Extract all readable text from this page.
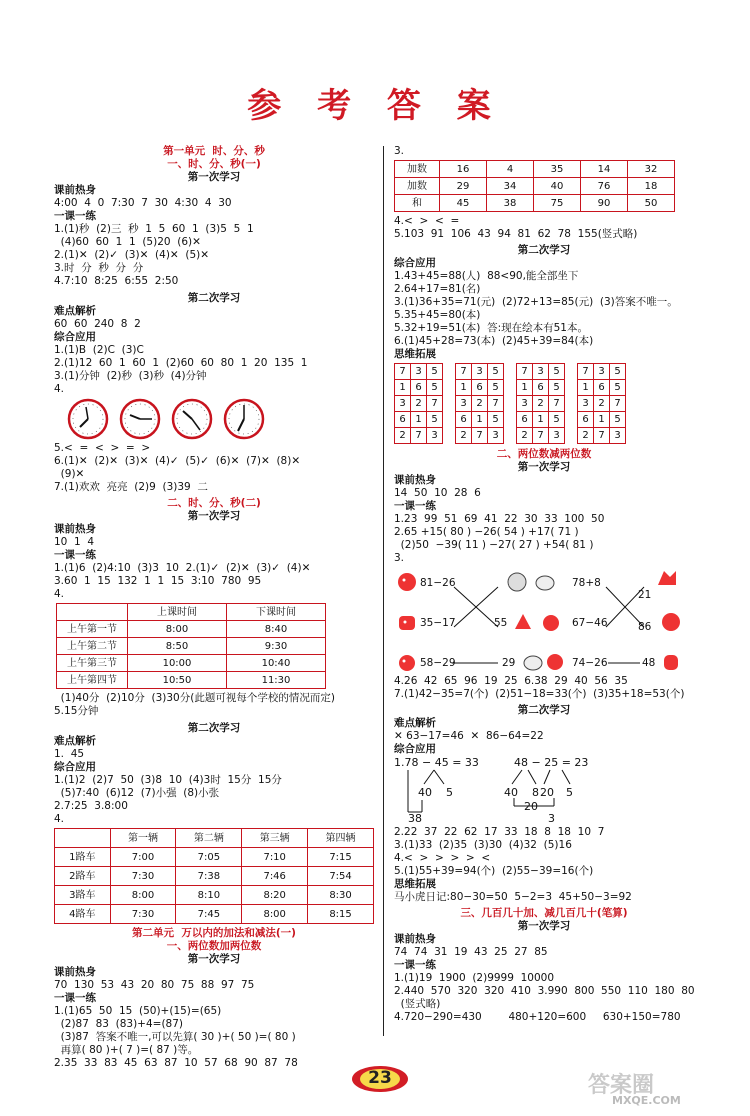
参 考 答 案
第一单元  时、分、秒
一、时、分、秒(一)
第一次学习
课前热身
4:00  4  0  7:30  7  30  4:30  4  30
一课一练
1.(1)秒  (2)三  秒  1  5  60  1  (3)5  5  1
(4)60  60  1  1  (5)20  (6)✕
2.(1)✕  (2)✓  (3)✕  (4)✕  (5)✕
3.时  分  秒  分  分
4.7:10  8:25  6:55  2:50
第二次学习
难点解析
60  60  240  8  2
综合应用
1.(1)B  (2)C  (3)C
2.(1)12  60  1  60  1  (2)60  60  80  1  20  135  1
3.(1)分钟  (2)秒  (3)秒  (4)分钟
4.
5.<  =  <  >  =  >
6.(1)✕  (2)✕  (3)✕  (4)✓  (5)✓  (6)✕  (7)✕  (8)✕
(9)✕
7.(1)欢欢  亮亮  (2)9  (3)39  二
二、时、分、秒(二)
第一次学习
课前热身
10  1  4
一课一练
1.(1)6  (2)4:10  (3)3  10  2.(1)✓  (2)✕  (3)✓  (4)✕
3.60  1  15  132  1  1  15  3:10  780  95
4.
	上课时间	下课时间
上午第一节	8:00	8:40
上午第二节	8:50	9:30
上午第三节	10:00	10:40
上午第四节	10:50	11:30
(1)40分  (2)10分  (3)30分(此题可视每个学校的情况而定)
5.15分钟
第二次学习
难点解析
1.  45
综合应用
1.(1)2  (2)7  50  (3)8  10  (4)3时  15分  15分
(5)7:40  (6)12  (7)小强  (8)小张
2.7:25  3.8:00
4.
	第一辆	第二辆	第三辆	第四辆
1路车	7:00	7:05	7:10	7:15
2路车	7:30	7:38	7:46	7:54
3路车	8:00	8:10	8:20	8:30
4路车	7:30	7:45	8:00	8:15
第二单元  万以内的加法和减法(一)
一、两位数加两位数
第一次学习
课前热身
70  130  53  43  20  80  75  88  97  75
一课一练
1.(1)65  50  15  (50)+(15)=(65)
(2)87  83  (83)+4=(87)
(3)87  答案不唯一,可以先算( 30 )+( 50 )=( 80 )
再算( 80 )+( 7 )=( 87 )等。
2.35  33  83  45  63  87  10  57  68  90  87  78
3.
加数	16	4	35	14	32
加数	29	34	40	76	18
和	45	38	75	90	50
4.<  >  <  =
5.103  91  106  43  94  81  62  78  155(竖式略)
第二次学习
综合应用
1.43+45=88(人)  88<90,能全部坐下
2.64+17=81(名)
3.(1)36+35=71(元)  (2)72+13=85(元)  (3)答案不唯一。
5.35+45=80(本)
5.32+19=51(本)  答:现在绘本有51本。
6.(1)45+28=73(本)  (2)45+39=84(本)
思维拓展
7	3	5
1	6	5
3	2	7
6	1	5
2	7	3
7	3	5
1	6	5
3	2	7
6	1	5
2	7	3
7	3	5
1	6	5
3	2	7
6	1	5
2	7	3
7	3	5
1	6	5
3	2	7
6	1	5
2	7	3
二、两位数减两位数
第一次学习
课前热身
14  50  10  28  6
一课一练
1.23  99  51  69  41  22  30  33  100  50
2.65 +15( 80 ) −26( 54 ) +17( 71 )
(2)50  −39( 11 ) −27( 27 ) +54( 81 )
3.
81−26
35−17
58−29
55
29
78+8
67−46
74−26
21
86
48
4.26  42  65  96  19  25  6.38  29  40  56  35
7.(1)42−35=7(个)  (2)51−18=33(个)  (3)35+18=53(个)
第二次学习
难点解析
✕ 63−17=46  ✕  86−64=22
综合应用
1.78 − 45 = 33	48 − 25 = 23
40 5
38
40 8 20 5
20
3
2.22  37  22  62  17  33  18  8  18  10  7
3.(1)33  (2)35  (3)30  (4)32  (5)16
4.<  >  >  >  >  <
5.(1)55+39=94(个)  (2)55−39=16(个)
思维拓展
马小虎日记:80−30=50  5−2=3  45+50−3=92
三、几百几十加、减几百几十(笔算)
第一次学习
课前热身
74  74  31  19  43  25  27  85
一课一练
1.(1)19  1900  (2)9999  10000
2.440  570  320  320  410  3.990  800  550  110  180  80
(竖式略)
4.720−290=430        480+120=600     630+150=780
23	答案圈
MXQE.COM
